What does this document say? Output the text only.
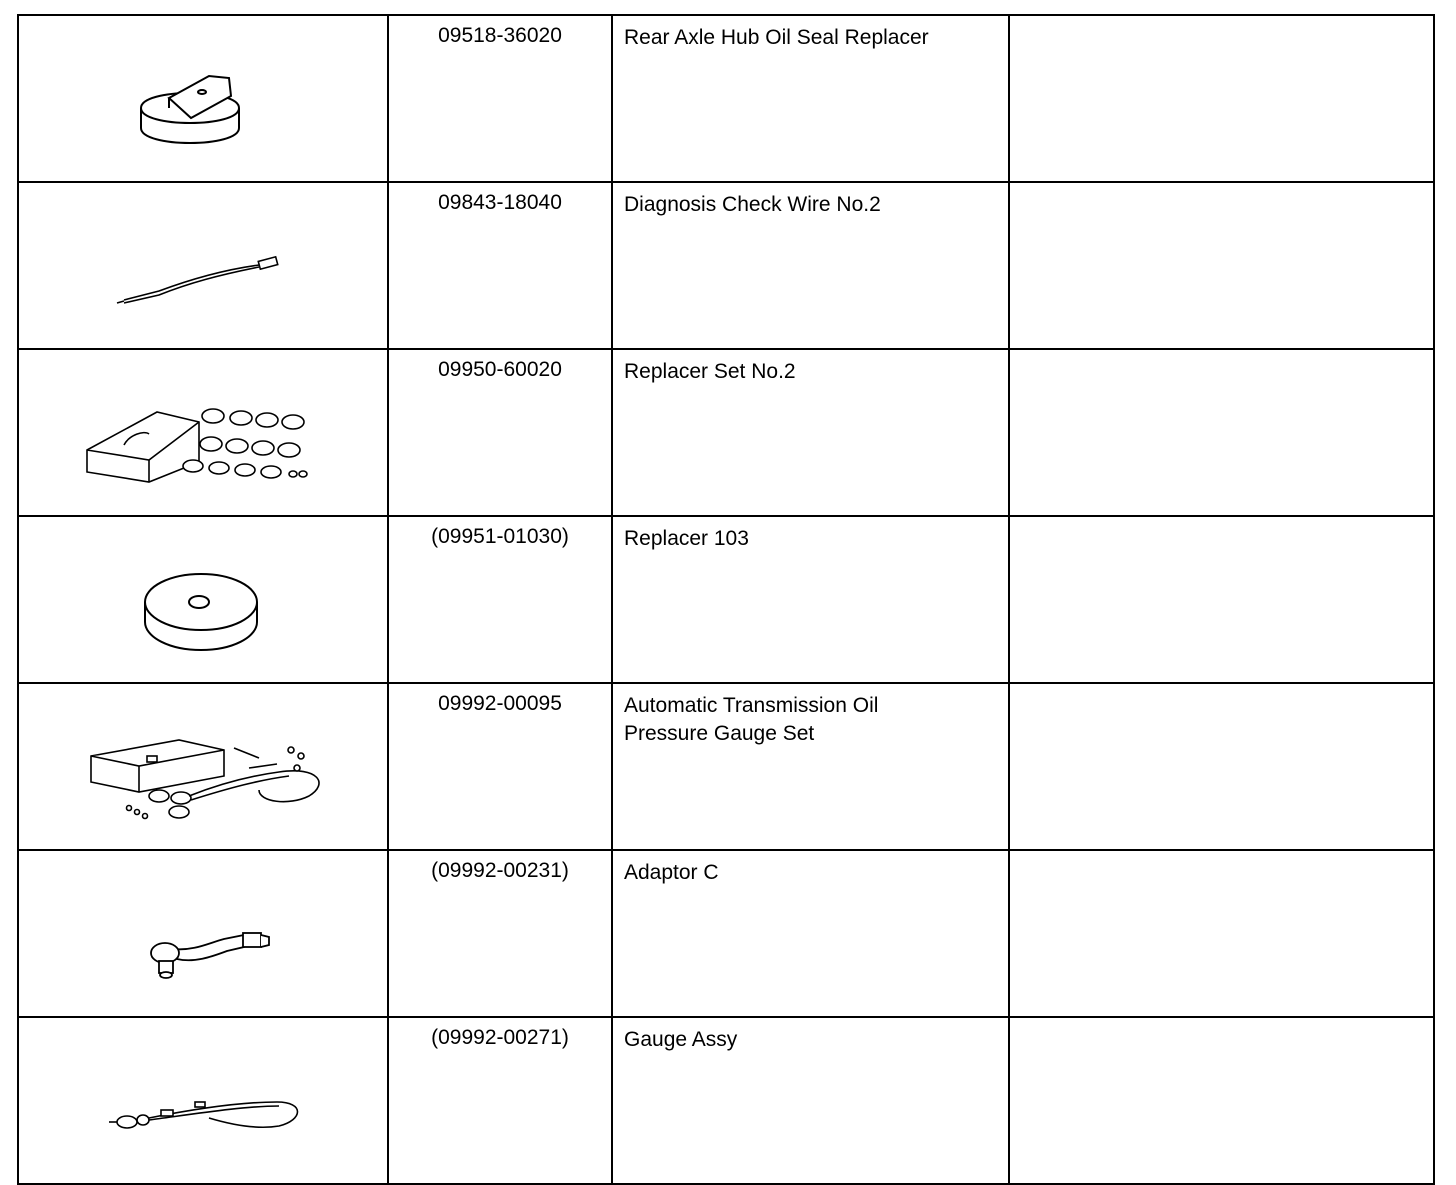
09518-36020	Rear Axle Hub Oil Seal Replacer	

09843-18040	Diagnosis Check Wire No.2	

09950-60020	Replacer Set No.2	

(09951-01030)	Replacer 103	

09992-00095	Automatic Transmission Oil
Pressure Gauge Set	

(09992-00231)	Adaptor C	

(09992-00271)	Gauge Assy	
